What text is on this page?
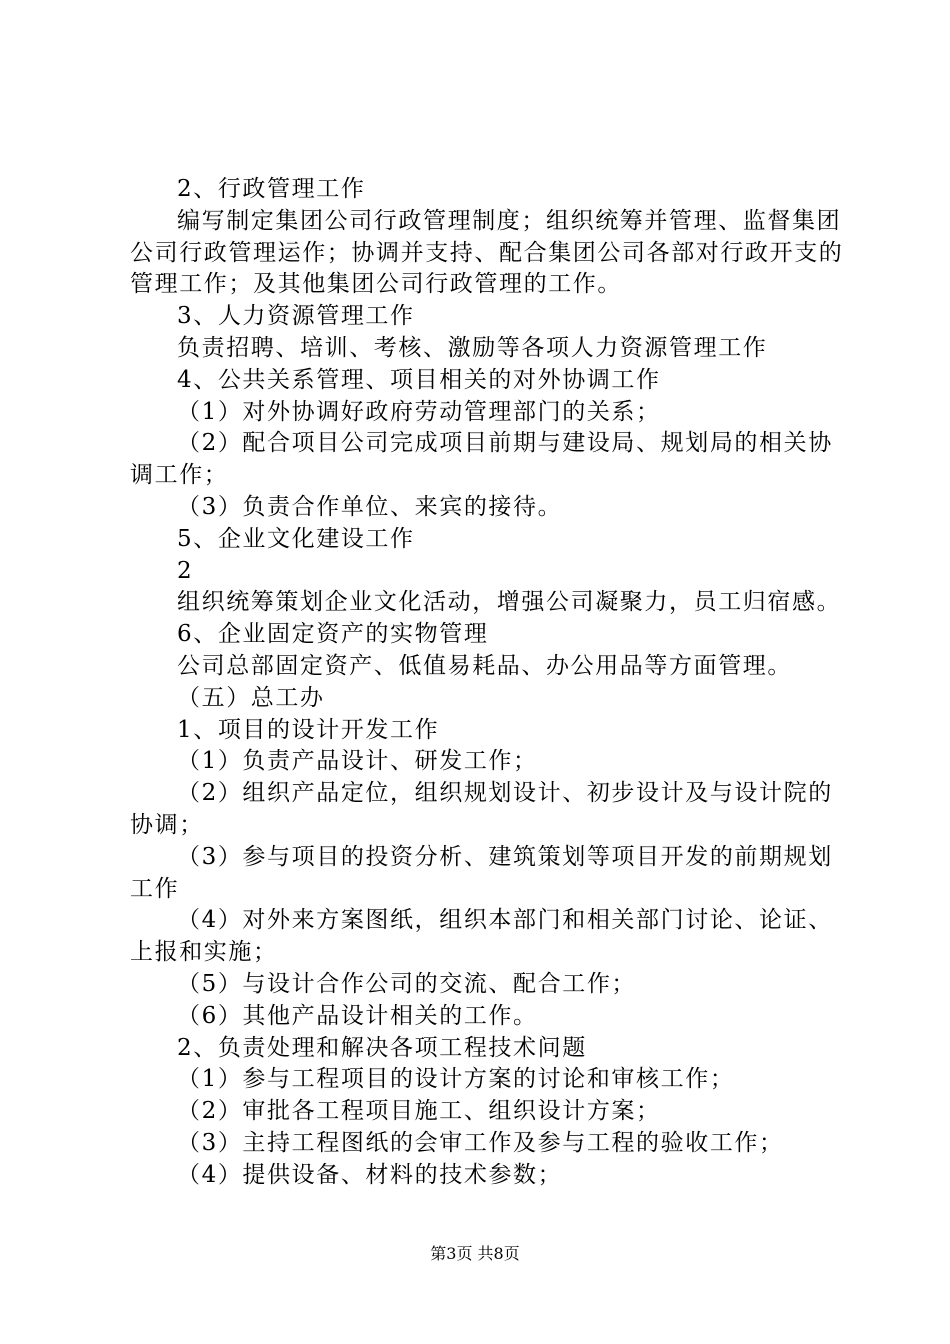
2、行政管理工作

编写制定集团公司行政管理制度；组织统筹并管理、监督集团公司行政管理运作；协调并支持、配合集团公司各部对行政开支的管理工作；及其他集团公司行政管理的工作。

3、人力资源管理工作

负责招聘、培训、考核、激励等各项人力资源管理工作

4、公共关系管理、项目相关的对外协调工作

（1）对外协调好政府劳动管理部门的关系；

（2）配合项目公司完成项目前期与建设局、规划局的相关协调工作；

（3）负责合作单位、来宾的接待。

5、企业文化建设工作

2

组织统筹策划企业文化活动，增强公司凝聚力，员工归宿感。

6、企业固定资产的实物管理

公司总部固定资产、低值易耗品、办公用品等方面管理。

（五）总工办

1、项目的设计开发工作

（1）负责产品设计、研发工作；

（2）组织产品定位，组织规划设计、初步设计及与设计院的协调；

（3）参与项目的投资分析、建筑策划等项目开发的前期规划工作

（4）对外来方案图纸，组织本部门和相关部门讨论、论证、上报和实施；

（5）与设计合作公司的交流、配合工作；

（6）其他产品设计相关的工作。

2、负责处理和解决各项工程技术问题

（1）参与工程项目的设计方案的讨论和审核工作；

（2）审批各工程项目施工、组织设计方案；

（3）主持工程图纸的会审工作及参与工程的验收工作；

（4）提供设备、材料的技术参数；

第3页 共8页
